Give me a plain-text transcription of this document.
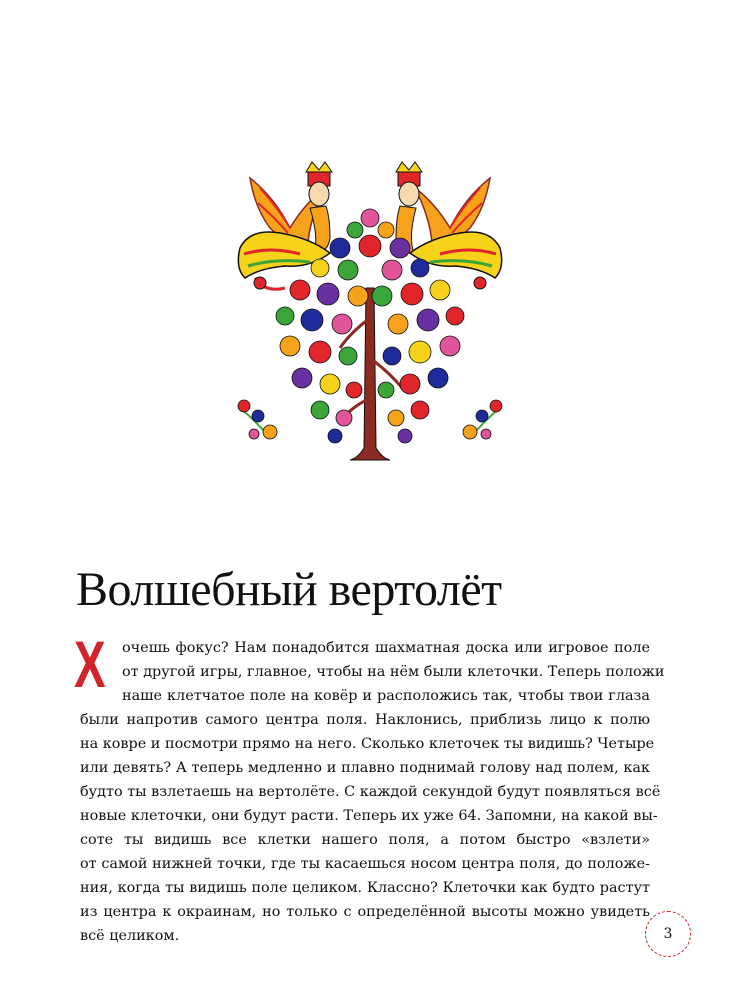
Волшебный вертолёт
Х очешь фокус? Нам понадобится шахматная доска или игровое поле
от другой игры, главное, чтобы на нём были клеточки. Теперь положи
наше клетчатое поле на ковёр и расположись так, чтобы твои глаза
были напротив самого центра поля. Наклонись, приблизь лицо к полю
на ковре и посмотри прямо на него. Сколько клеточек ты видишь? Четыре
или девять? А теперь медленно и плавно поднимай голову над полем, как
будто ты взлетаешь на вертолёте. С каждой секундой будут появляться всё
новые клеточки, они будут расти. Теперь их уже 64. Запомни, на какой вы-
соте ты видишь все клетки нашего поля, а потом быстро «взлети»
от самой нижней точки, где ты касаешься носом центра поля, до положе-
ния, когда ты видишь поле целиком. Классно? Клеточки как будто растут
из центра к окраинам, но только с определённой высоты можно увидеть
всё целиком.	3
